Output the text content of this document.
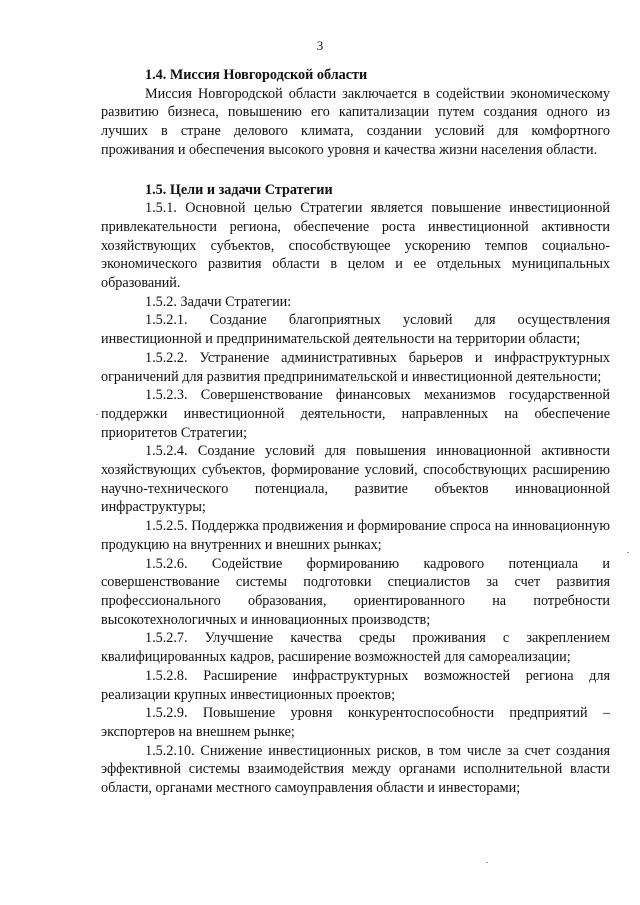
3
1.4. Миссия Новгородской области

Миссия Новгородской области заключается в содействии экономическому развитию бизнеса, повышению его капитализации путем создания одного из лучших в стране делового климата, создании условий для комфортного проживания и обеспечения высокого уровня и качества жизни населения области.

1.5. Цели и задачи Стратегии

1.5.1. Основной целью Стратегии является повышение инвестиционной привлекательности региона, обеспечение роста инвестиционной активности хозяйствующих субъектов, способствующее ускорению темпов социально-экономического развития области в целом и ее отдельных муниципальных образований.

1.5.2. Задачи Стратегии:

1.5.2.1. Создание благоприятных условий для осуществления инвестиционной и предпринимательской деятельности на территории области;

1.5.2.2. Устранение административных барьеров и инфраструктурных ограничений для развития предпринимательской и инвестиционной деятельности;

1.5.2.3. Совершенствование финансовых механизмов государственной поддержки инвестиционной деятельности, направленных на обеспечение приоритетов Стратегии;

1.5.2.4. Создание условий для повышения инновационной активности хозяйствующих субъектов, формирование условий, способствующих расширению научно-технического потенциала, развитие объектов инновационной инфраструктуры;

1.5.2.5. Поддержка продвижения и формирование спроса на инновационную продукцию на внутренних и внешних рынках;

1.5.2.6. Содействие формированию кадрового потенциала и совершенствование системы подготовки специалистов за счет развития профессионального образования, ориентированного на потребности высокотехнологичных и инновационных производств;

1.5.2.7. Улучшение качества среды проживания с закреплением квалифицированных кадров, расширение возможностей для самореализации;

1.5.2.8. Расширение инфраструктурных возможностей региона для реализации крупных инвестиционных проектов;

1.5.2.9. Повышение уровня конкурентоспособности предприятий – экспортеров на внешнем рынке;

1.5.2.10. Снижение инвестиционных рисков, в том числе за счет создания эффективной системы взаимодействия между органами исполнительной власти области, органами местного самоуправления области и инвесторами;
